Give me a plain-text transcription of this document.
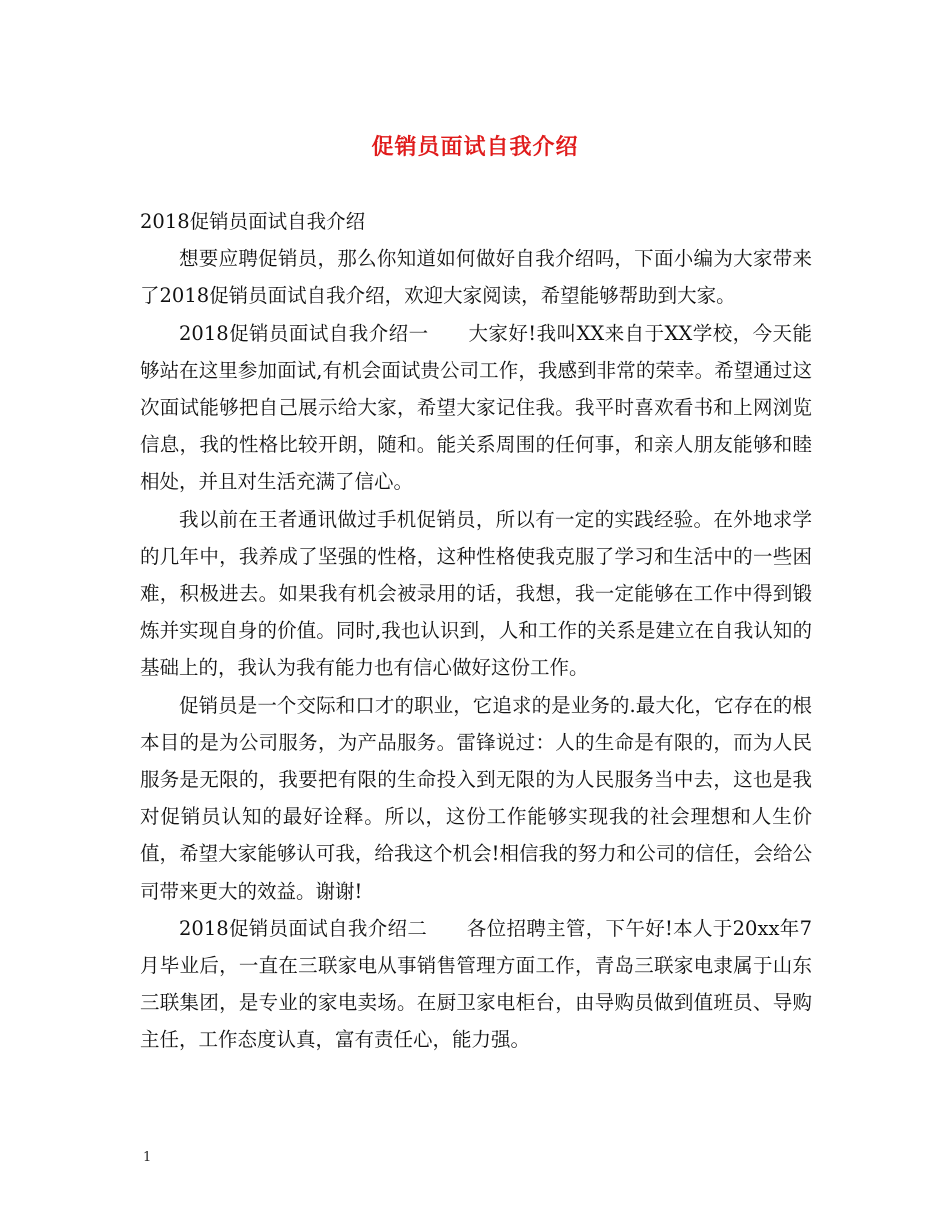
促销员面试自我介绍

2018促销员面试自我介绍

想要应聘促销员，那么你知道如何做好自我介绍吗，下面小编为大家带来了2018促销员面试自我介绍，欢迎大家阅读，希望能够帮助到大家。

2018促销员面试自我介绍一　　大家好!我叫XX来自于XX学校，今天能够站在这里参加面试,有机会面试贵公司工作，我感到非常的荣幸。希望通过这次面试能够把自己展示给大家，希望大家记住我。我平时喜欢看书和上网浏览信息，我的性格比较开朗，随和。能关系周围的任何事，和亲人朋友能够和睦相处，并且对生活充满了信心。

我以前在王者通讯做过手机促销员，所以有一定的实践经验。在外地求学的几年中，我养成了坚强的性格，这种性格使我克服了学习和生活中的一些困难，积极进去。如果我有机会被录用的话，我想，我一定能够在工作中得到锻炼并实现自身的价值。同时,我也认识到，人和工作的关系是建立在自我认知的基础上的，我认为我有能力也有信心做好这份工作。

促销员是一个交际和口才的职业，它追求的是业务的.最大化，它存在的根本目的是为公司服务，为产品服务。雷锋说过：人的生命是有限的，而为人民服务是无限的，我要把有限的生命投入到无限的为人民服务当中去，这也是我对促销员认知的最好诠释。所以，这份工作能够实现我的社会理想和人生价值，希望大家能够认可我，给我这个机会!相信我的努力和公司的信任，会给公司带来更大的效益。谢谢!

2018促销员面试自我介绍二　　各位招聘主管，下午好!本人于20xx年7月毕业后，一直在三联家电从事销售管理方面工作，青岛三联家电隶属于山东三联集团，是专业的家电卖场。在厨卫家电柜台，由导购员做到值班员、导购主任，工作态度认真，富有责任心，能力强。

1
